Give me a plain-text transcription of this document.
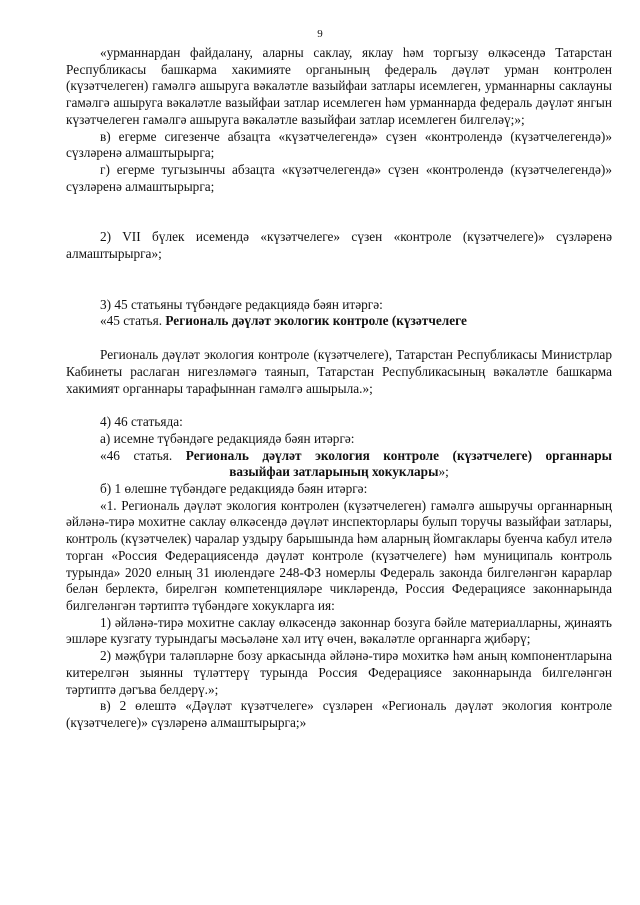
9

«урманнардан файдалану, аларны саклау, яклау һәм торгызу өлкәсендә Татарстан Республикасы башкарма хакимияте органының федераль дәүләт урман контролен (күзәтчелеген) гамәлгә ашыруга вәкаләтле вазыйфаи затлары исемлеген, урманнарны саклауны гамәлгә ашыруга вәкаләтле вазыйфаи затлар исемлеген һәм урманнарда федераль дәүләт янгын күзәтчелеген гамәлгә ашыруга вәкаләтле вазыйфаи затлар исемлеген билгеләү;»;

в) егерме сигезенче абзацта «күзәтчелегендә» сүзен «контролендә (күзәтчелегендә)» сүзләренә алмаштырырга;

г) егерме тугызынчы абзацта «күзәтчелегендә» сүзен «контролендә (күзәтчелегендә)» сүзләренә алмаштырырга;

2) VII бүлек исемендә «күзәтчелеге» сүзен «контроле (күзәтчелеге)» сүзләренә алмаштырырга»;

3) 45 статьяны түбәндәге редакциядә бәян итәргә:

«45 статья. Региональ дәүләт экологик контроле (күзәтчелеге

Региональ дәүләт экология контроле (күзәтчелеге), Татарстан Республикасы Министрлар Кабинеты раслаган нигезләмәгә таянып, Татарстан Республикасының вәкаләтле башкарма хакимият органнары тарафыннан гамәлгә ашырыла.»;

4) 46 статьяда:

а) исемне түбәндәге редакциядә бәян итәргә:

«46 статья. Региональ дәүләт экология контроле (күзәтчелеге) органнары

вазыйфаи затларының хокуклары»;

б) 1 өлешне түбәндәге редакциядә бәян итәргә:

«1. Региональ дәүләт экология контролен (күзәтчелеген) гамәлгә ашыручы органнарның әйләнә-тирә мохитне саклау өлкәсендә дәүләт инспекторлары булып торучы вазыйфаи затлары, контроль (күзәтчелек) чаралар уздыру барышында һәм аларның йомгаклары буенча кабул ителә торган «Россия Федерациясендә дәүләт контроле (күзәтчелеге) һәм муниципаль контроль турында» 2020 елның 31 июлендәге 248-ФЗ номерлы Федераль законда билгеләнгән карарлар белән берлектә, бирелгән компетенцияләре чикләрендә, Россия Федерациясе законнарында билгеләнгән тәртиптә түбәндәге хокукларга ия:

1) әйләнә-тирә мохитне саклау өлкәсендә законнар бозуга бәйле материалларны, җинаять эшләре кузгату турындагы мәсьәләне хәл итү өчен, вәкаләтле органнарга җибәрү;

2) мәҗбүри таләпләрне бозу аркасында әйләнә-тирә мохиткә һәм аның компонентларына китерелгән зыянны түләттерү турында Россия Федерациясе законнарында билгеләнгән тәртиптә дәгъва белдерү.»;

в) 2 өлештә «Дәүләт күзәтчелеге» сүзләрен «Региональ дәүләт экология контроле (күзәтчелеге)» сүзләренә алмаштырырга;»
